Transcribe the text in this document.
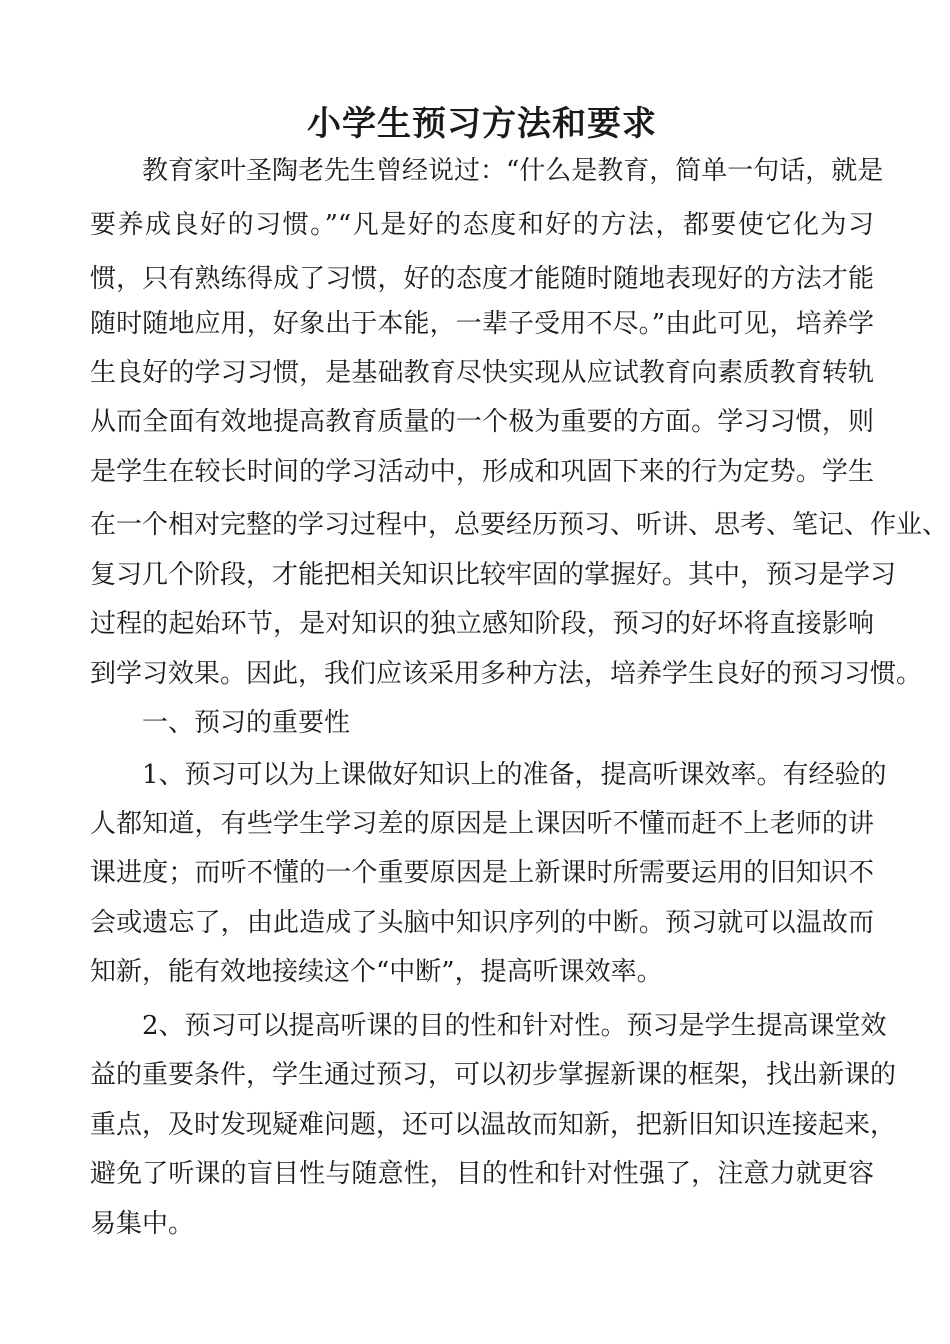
小学生预习方法和要求
教育家叶圣陶老先生曾经说过：“什么是教育，简单一句话，就是
要养成良好的习惯。”“凡是好的态度和好的方法，都要使它化为习
惯，只有熟练得成了习惯，好的态度才能随时随地表现好的方法才能
随时随地应用，好象出于本能，一辈子受用不尽。”由此可见，培养学
生良好的学习习惯，是基础教育尽快实现从应试教育向素质教育转轨
从而全面有效地提高教育质量的一个极为重要的方面。学习习惯，则
是学生在较长时间的学习活动中，形成和巩固下来的行为定势。学生
在一个相对完整的学习过程中，总要经历预习、听讲、思考、笔记、作业、
复习几个阶段，才能把相关知识比较牢固的掌握好。其中，预习是学习
过程的起始环节，是对知识的独立感知阶段，预习的好坏将直接影响
到学习效果。因此，我们应该采用多种方法，培养学生良好的预习习惯。
一、预习的重要性
1、预习可以为上课做好知识上的准备，提高听课效率。有经验的
人都知道，有些学生学习差的原因是上课因听不懂而赶不上老师的讲
课进度；而听不懂的一个重要原因是上新课时所需要运用的旧知识不
会或遗忘了，由此造成了头脑中知识序列的中断。预习就可以温故而
知新，能有效地接续这个“中断”，提高听课效率。
2、预习可以提高听课的目的性和针对性。预习是学生提高课堂效
益的重要条件，学生通过预习，可以初步掌握新课的框架，找出新课的
重点，及时发现疑难问题，还可以温故而知新，把新旧知识连接起来，
避免了听课的盲目性与随意性，目的性和针对性强了，注意力就更容
易集中。
